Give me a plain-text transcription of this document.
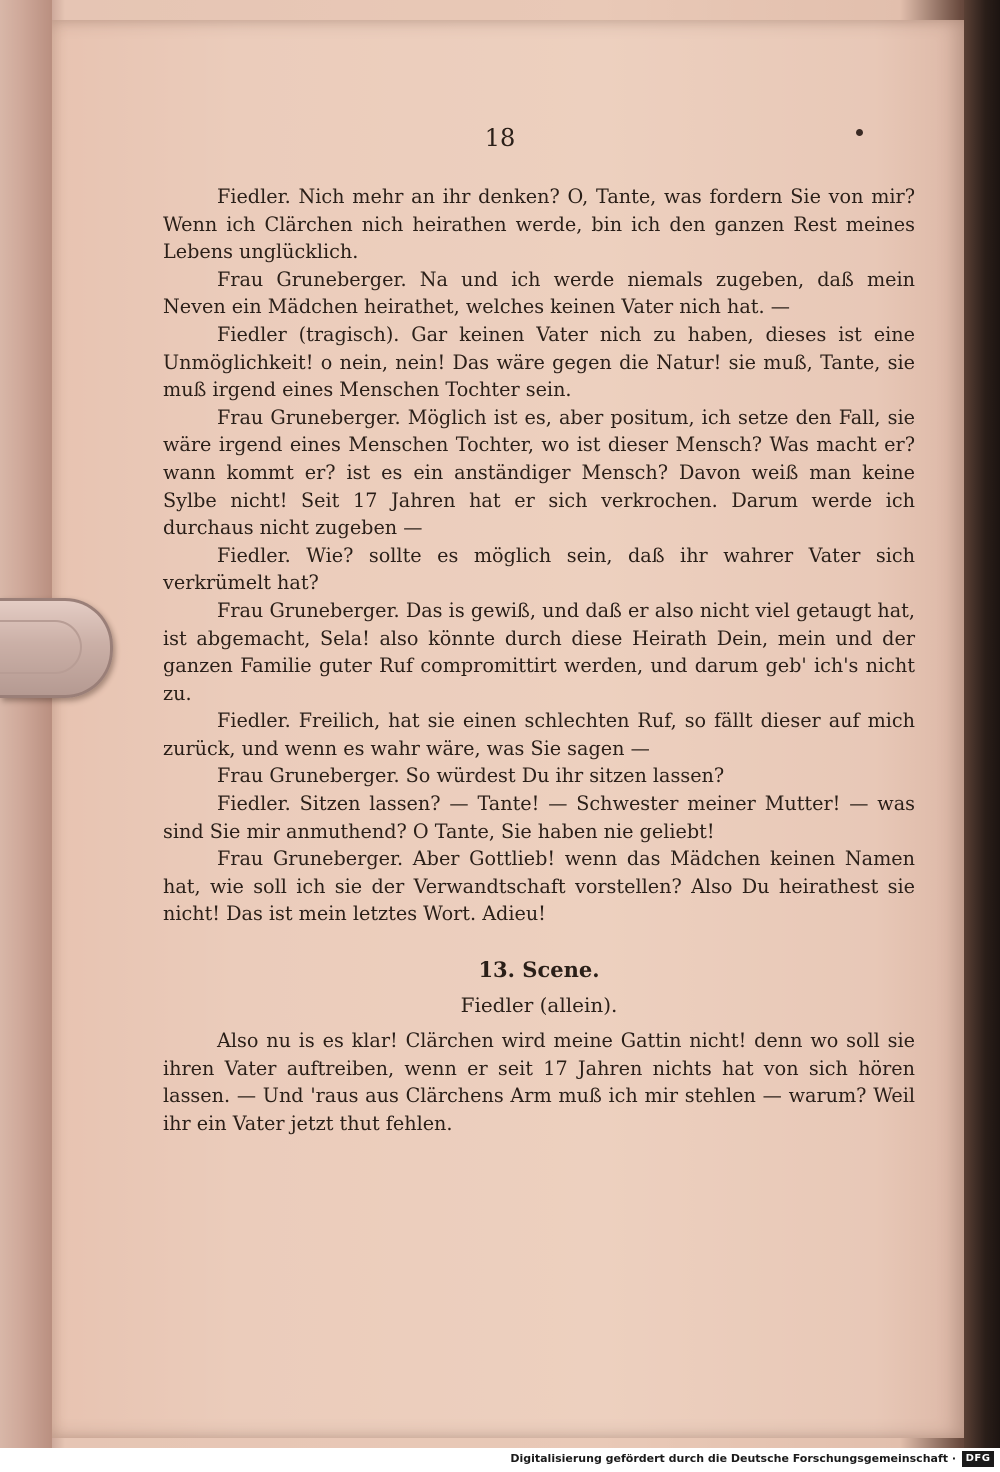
18

Fiedler. Nich mehr an ihr denken? O, Tante, was fordern Sie von mir? Wenn ich Clärchen nich heirathen werde, bin ich den ganzen Rest meines Lebens unglücklich.

Frau Gruneberger. Na und ich werde niemals zugeben, daß mein Neven ein Mädchen heirathet, welches keinen Vater nich hat. —

Fiedler (tragisch). Gar keinen Vater nich zu haben, dieses ist eine Unmöglichkeit! o nein, nein! Das wäre gegen die Natur! sie muß, Tante, sie muß irgend eines Menschen Tochter sein.

Frau Gruneberger. Möglich ist es, aber positum, ich setze den Fall, sie wäre irgend eines Menschen Tochter, wo ist dieser Mensch? Was macht er? wann kommt er? ist es ein anständiger Mensch? Davon weiß man keine Sylbe nicht! Seit 17 Jahren hat er sich verkrochen. Darum werde ich durchaus nicht zugeben —

Fiedler. Wie? sollte es möglich sein, daß ihr wahrer Vater sich verkrümelt hat?

Frau Gruneberger. Das is gewiß, und daß er also nicht viel getaugt hat, ist abgemacht, Sela! also könnte durch diese Heirath Dein, mein und der ganzen Familie guter Ruf compromittirt werden, und darum geb' ich's nicht zu.

Fiedler. Freilich, hat sie einen schlechten Ruf, so fällt dieser auf mich zurück, und wenn es wahr wäre, was Sie sagen —

Frau Gruneberger. So würdest Du ihr sitzen lassen?

Fiedler. Sitzen lassen? — Tante! — Schwester meiner Mutter! — was sind Sie mir anmuthend? O Tante, Sie haben nie geliebt!

Frau Gruneberger. Aber Gottlieb! wenn das Mädchen keinen Namen hat, wie soll ich sie der Verwandtschaft vorstellen? Also Du heirathest sie nicht! Das ist mein letztes Wort. Adieu!

13. Scene.
Fiedler (allein).

Also nu is es klar! Clärchen wird meine Gattin nicht! denn wo soll sie ihren Vater auftreiben, wenn er seit 17 Jahren nichts hat von sich hören lassen. — Und 'raus aus Clärchens Arm muß ich mir stehlen — warum? Weil ihr ein Vater jetzt thut fehlen.

Digitalisierung gefördert durch die Deutsche Forschungsgemeinschaft · DFG
